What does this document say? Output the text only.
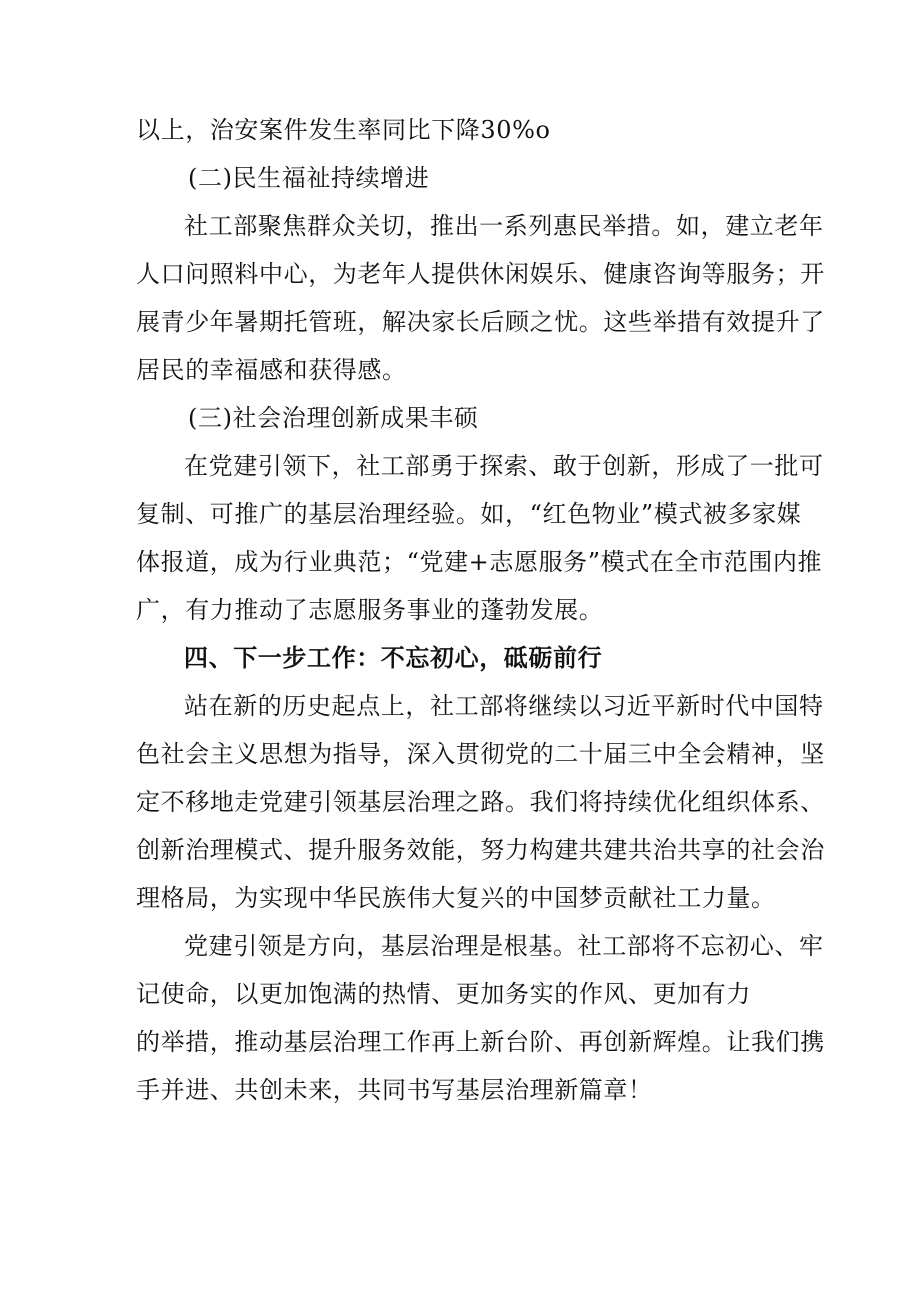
以上，治安案件发生率同比下降30%o
(二)民生福祉持续增进
社工部聚焦群众关切，推出一系列惠民举措。如，建立老年
人口问照料中心，为老年人提供休闲娱乐、健康咨询等服务；开
展青少年暑期托管班，解决家长后顾之忧。这些举措有效提升了
居民的幸福感和获得感。
(三)社会治理创新成果丰硕
在党建引领下，社工部勇于探索、敢于创新，形成了一批可
复制、可推广的基层治理经验。如，“红色物业”模式被多家媒
体报道，成为行业典范；“党建+志愿服务”模式在全市范围内推
广，有力推动了志愿服务事业的蓬勃发展。
四、下一步工作：不忘初心，砥砺前行
站在新的历史起点上，社工部将继续以习近平新时代中国特
色社会主义思想为指导，深入贯彻党的二十届三中全会精神，坚
定不移地走党建引领基层治理之路。我们将持续优化组织体系、
创新治理模式、提升服务效能，努力构建共建共治共享的社会治
理格局，为实现中华民族伟大复兴的中国梦贡献社工力量。
党建引领是方向，基层治理是根基。社工部将不忘初心、牢
记使命，以更加饱满的热情、更加务实的作风、更加有力
的举措，推动基层治理工作再上新台阶、再创新辉煌。让我们携
手并进、共创未来，共同书写基层治理新篇章！
